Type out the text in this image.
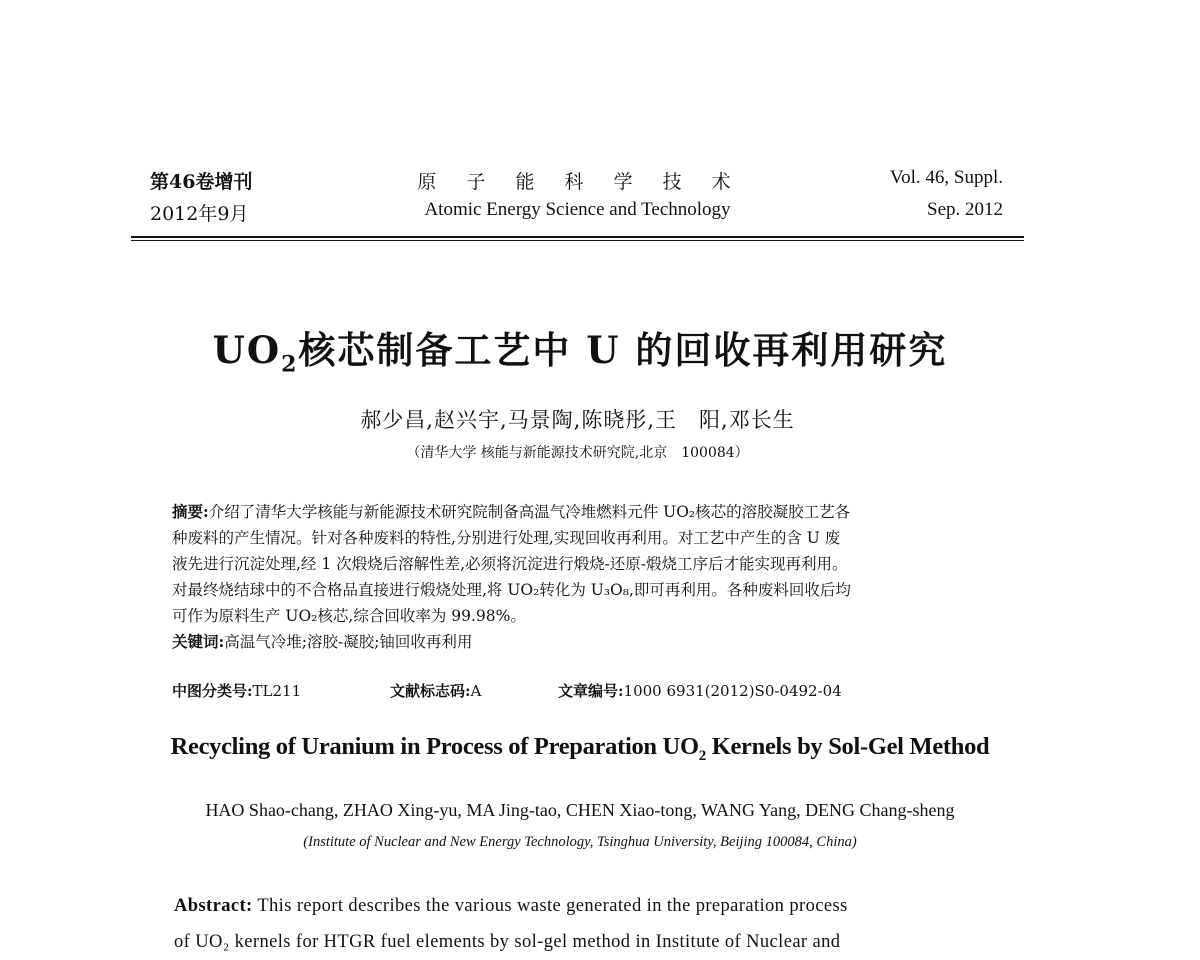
第46卷增刊
2012年9月
原 子 能 科 学 技 术
Atomic Energy Science and Technology
Vol. 46, Suppl.
Sep. 2012
$UO_2$核芯制备工艺中 U 的回收再利用研究
郝少昌,赵兴宇,马景陶,陈晓彤,王　阳,邓长生
（清华大学 核能与新能源技术研究院,北京　100084）

摘要:介绍了清华大学核能与新能源技术研究院制备高温气冷堆燃料元件 UO₂核芯的溶胶凝胶工艺各

种废料的产生情况。针对各种废料的特性,分别进行处理,实现回收再利用。对工艺中产生的含 U 废

液先进行沉淀处理,经 1 次煅烧后溶解性差,必须将沉淀进行煅烧-还原-煅烧工序后才能实现再利用。

对最终烧结球中的不合格品直接进行煅烧处理,将 UO₂转化为 U₃O₈,即可再利用。各种废料回收后均

可作为原料生产 UO₂核芯,综合回收率为 99.98%。

关键词:高温气冷堆;溶胶-凝胶;铀回收再利用

中图分类号:TL211	文献标志码:A	文章编号:1000 6931(2012)S0-0492-04
Recycling of Uranium in Process of Preparation $UO_2$ Kernels by Sol-Gel Method
HAO Shao-chang, ZHAO Xing-yu, MA Jing-tao, CHEN Xiao-tong, WANG Yang, DENG Chang-sheng
(Institute of Nuclear and New Energy Technology, Tsinghua University, Beijing 100084, China)

Abstract: This report describes the various waste generated in the preparation process

of UO₂ kernels for HTGR fuel elements by sol-gel method in Institute of Nuclear and
